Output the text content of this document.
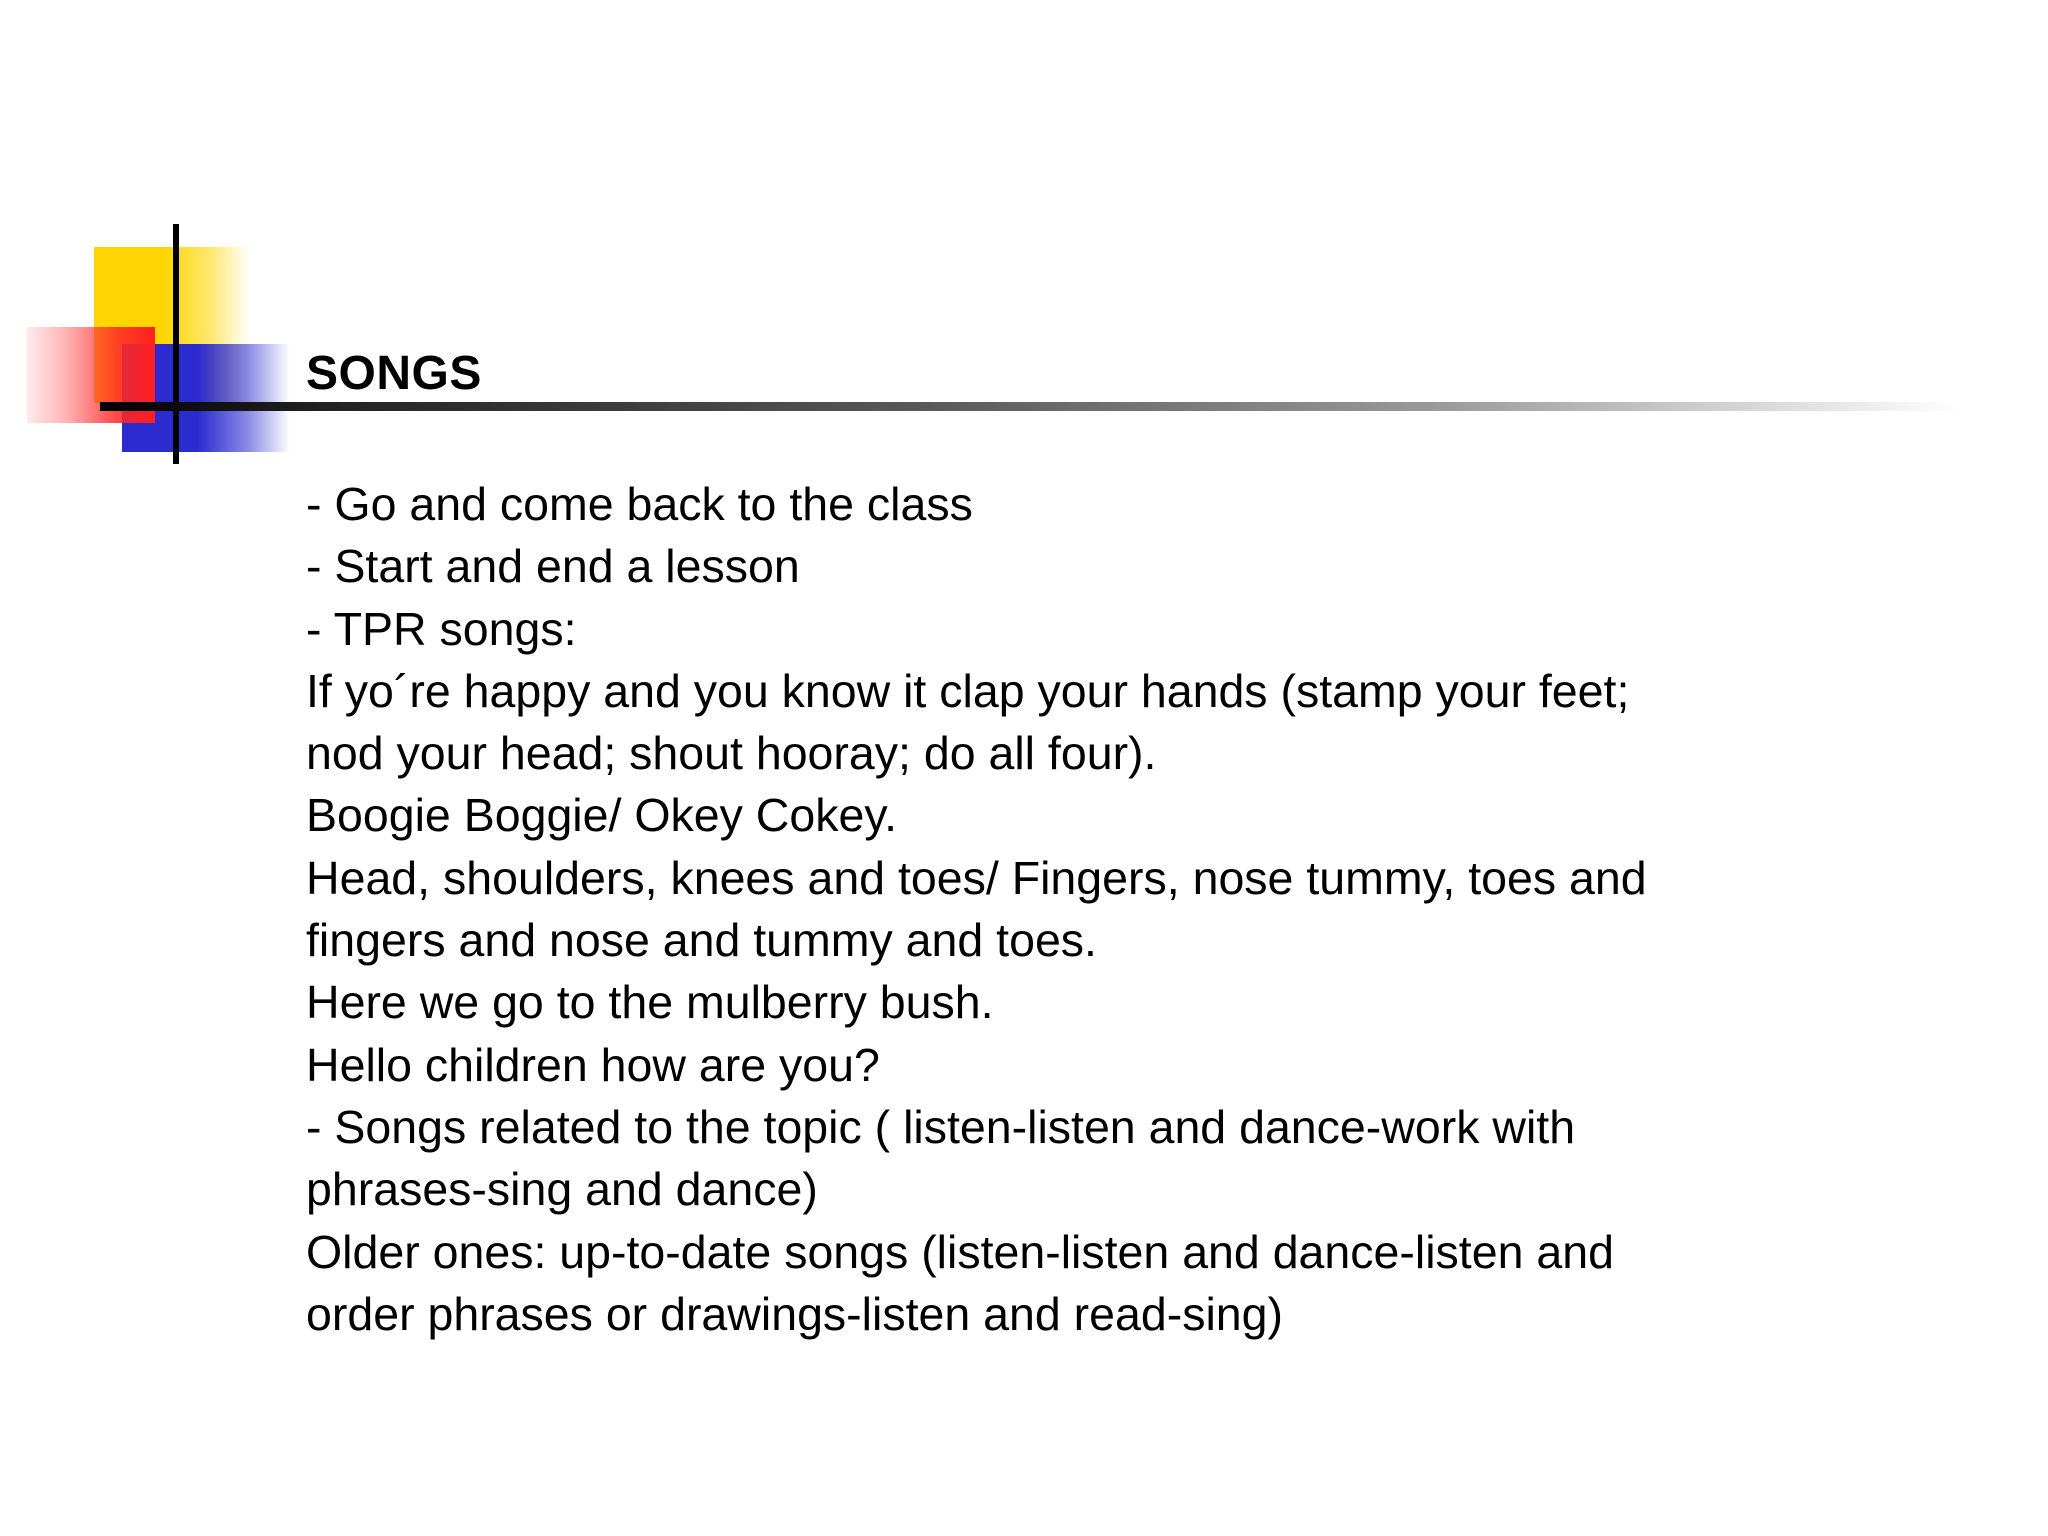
SONGS
- Go and come back to the class
- Start and end a lesson
- TPR songs:
If yo´re happy and you know it clap your hands (stamp your feet;
nod your head; shout hooray; do all four).
Boogie Boggie/ Okey Cokey.
Head, shoulders, knees and toes/ Fingers, nose tummy, toes and
fingers and nose and tummy and toes.
Here we go to the mulberry bush.
Hello children how are you?
- Songs related to the topic ( listen-listen and dance-work with
phrases-sing and dance)
Older ones: up-to-date songs (listen-listen and dance-listen and
order phrases or drawings-listen and read-sing)
